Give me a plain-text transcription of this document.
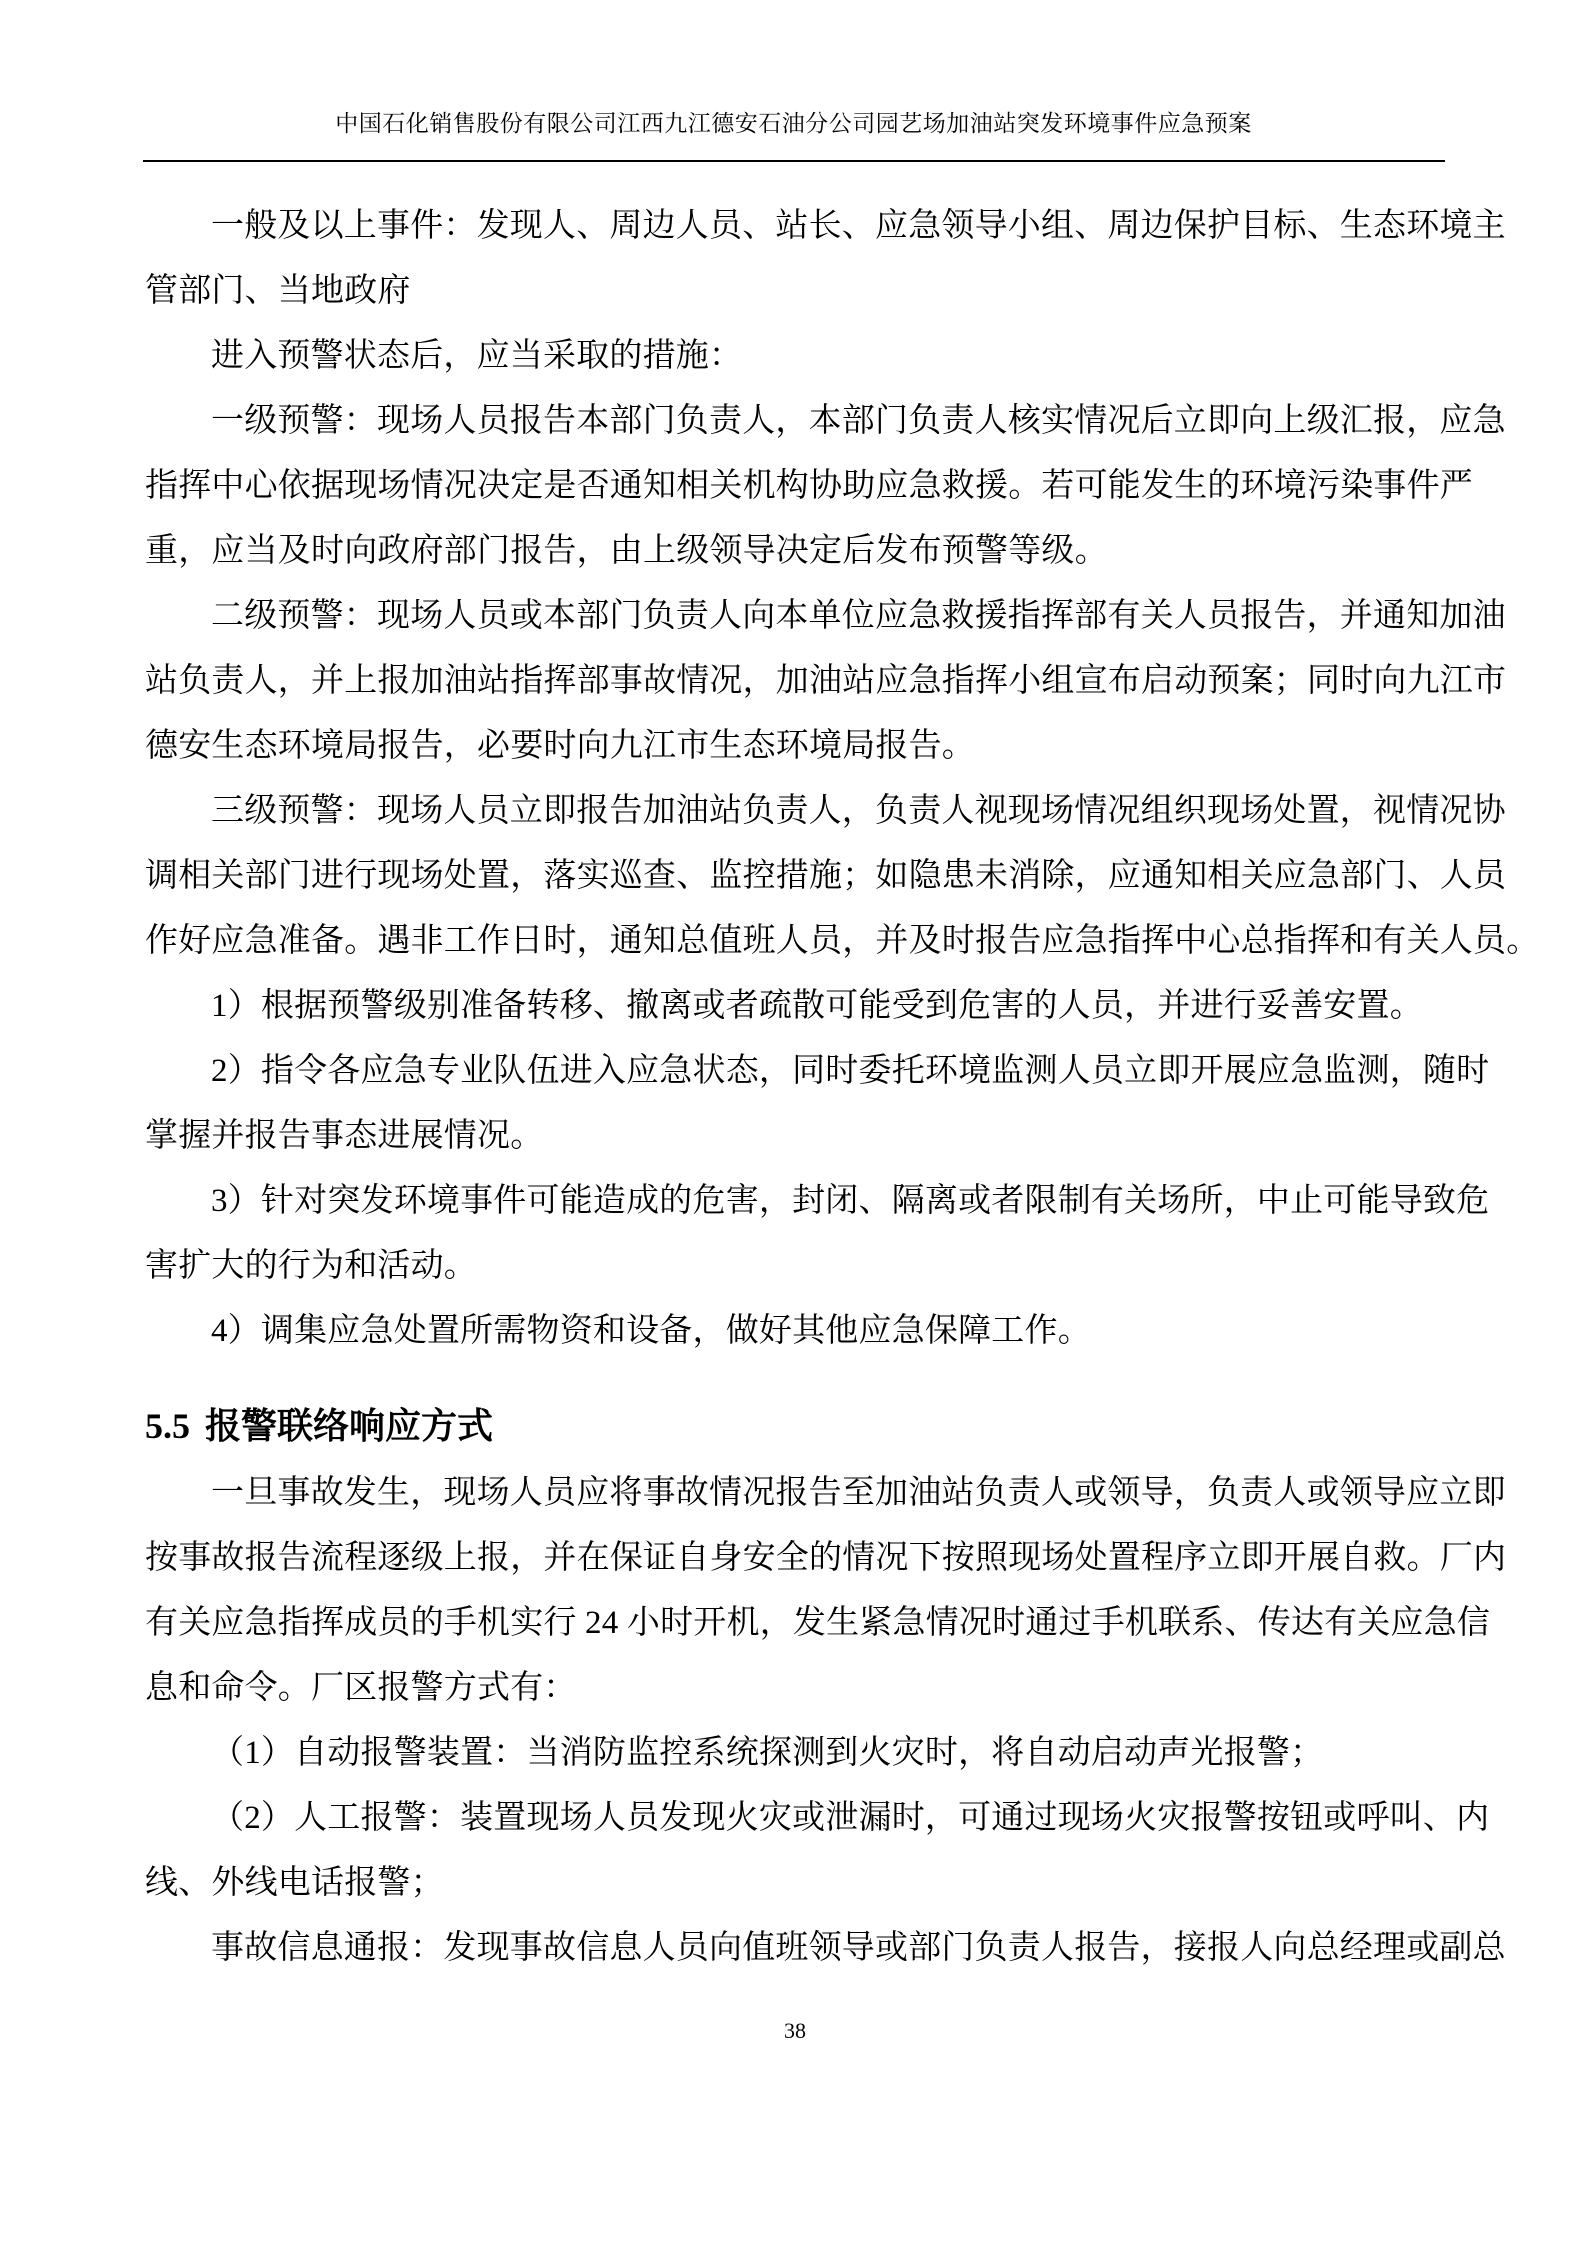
中国石化销售股份有限公司江西九江德安石油分公司园艺场加油站突发环境事件应急预案
一般及以上事件：发现人、周边人员、站长、应急领导小组、周边保护目标、生态环境主
管部门、当地政府
进入预警状态后，应当采取的措施：
一级预警：现场人员报告本部门负责人，本部门负责人核实情况后立即向上级汇报，应急
指挥中心依据现场情况决定是否通知相关机构协助应急救援。若可能发生的环境污染事件严
重，应当及时向政府部门报告，由上级领导决定后发布预警等级。
二级预警：现场人员或本部门负责人向本单位应急救援指挥部有关人员报告，并通知加油
站负责人，并上报加油站指挥部事故情况，加油站应急指挥小组宣布启动预案；同时向九江市
德安生态环境局报告，必要时向九江市生态环境局报告。
三级预警：现场人员立即报告加油站负责人，负责人视现场情况组织现场处置，视情况协
调相关部门进行现场处置，落实巡查、监控措施；如隐患未消除，应通知相关应急部门、人员
作好应急准备。遇非工作日时，通知总值班人员，并及时报告应急指挥中心总指挥和有关人员。
1）根据预警级别准备转移、撤离或者疏散可能受到危害的人员，并进行妥善安置。
2）指令各应急专业队伍进入应急状态，同时委托环境监测人员立即开展应急监测，随时
掌握并报告事态进展情况。
3）针对突发环境事件可能造成的危害，封闭、隔离或者限制有关场所，中止可能导致危
害扩大的行为和活动。
4）调集应急处置所需物资和设备，做好其他应急保障工作。
5.5 报警联络响应方式
一旦事故发生，现场人员应将事故情况报告至加油站负责人或领导，负责人或领导应立即
按事故报告流程逐级上报，并在保证自身安全的情况下按照现场处置程序立即开展自救。厂内
有关应急指挥成员的手机实行 24 小时开机，发生紧急情况时通过手机联系、传达有关应急信
息和命令。厂区报警方式有：
（1）自动报警装置：当消防监控系统探测到火灾时，将自动启动声光报警；
（2）人工报警：装置现场人员发现火灾或泄漏时，可通过现场火灾报警按钮或呼叫、内
线、外线电话报警；
事故信息通报：发现事故信息人员向值班领导或部门负责人报告，接报人向总经理或副总
38
